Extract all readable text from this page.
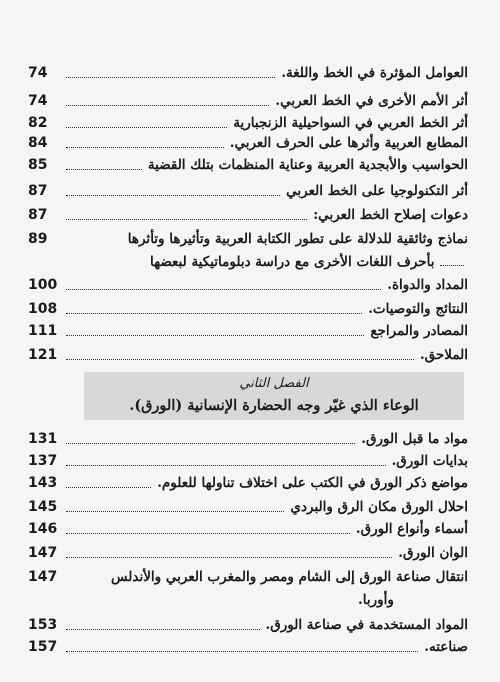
العوامل المؤثرة في الخط واللغة.
74
أثر الأمم الأخرى في الخط العربي.
74
أثر الخط العربي في السواحيلية الزنجبارية
82
المطابع العربية وأثرها على الحرف العربي.
84
الحواسيب والأبجدية العربية وعناية المنظمات بتلك القضية
85
أثر التكنولوجيا على الخط العربي
87
دعوات إصلاح الخط العربي:
87
نماذج وثائقية للدلالة على تطور الكتابة العربية وتأثيرها وتأثرها
89
بأحرف اللغات الأخرى مع دراسة دبلوماتيكية لبعضها
المداد والدواة.
100
النتائج والتوصيات.
108
المصادر والمراجع
111
الملاحق.
121
الفصل الثاني
الوعاء الذي غيّر وجه الحضارة الإنسانية (الورق).
مواد ما قبل الورق.
131
بدايات الورق.
137
مواضع ذكر الورق في الكتب على اختلاف تناولها للعلوم.
143
احلال الورق مكان الرق والبردي
145
أسماء وأنواع الورق.
146
الوان الورق.
147
انتقال صناعة الورق إلى الشام ومصر والمغرب العربي والأندلس
147
وأوربا.
المواد المستخدمة في صناعة الورق.
153
صناعته.
157
